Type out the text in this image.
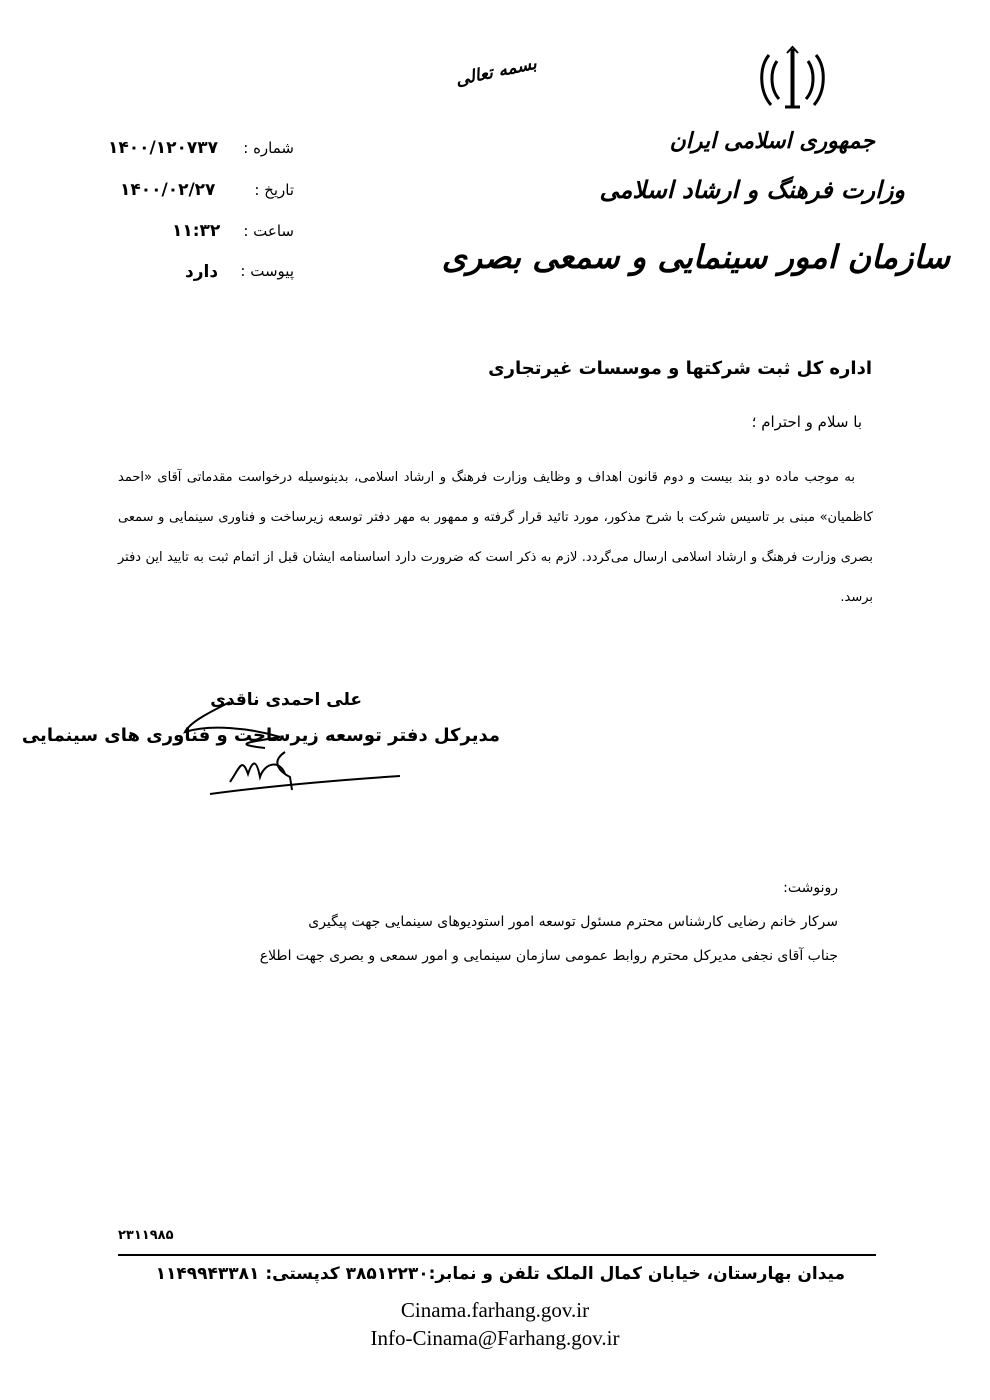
بسمه تعالی
جمهوری اسلامی ایران
وزارت فرهنگ و ارشاد اسلامی
سازمان امور سینمایی و سمعی بصری
شماره :
۱۴۰۰/۱۲۰۷۳۷
تاریخ :
۱۴۰۰/۰۲/۲۷
ساعت :
۱۱:۳۲
پیوست :
دارد
اداره کل ثبت شرکتها و موسسات غیرتجاری
با سلام و احترام ؛
به موجب ماده دو بند بیست و دوم قانون اهداف و وظایف وزارت فرهنگ و ارشاد اسلامی، بدینوسیله درخواست مقدماتی آقای «احمد کاظمیان» مبنی بر تاسیس شرکت با شرح مذکور، مورد تائید قرار گرفته و ممهور به مهر دفتر توسعه زیرساخت و فناوری سینمایی و سمعی بصری وزارت فرهنگ و ارشاد اسلامی ارسال می‌گردد. لازم به ذکر است که ضرورت دارد اساسنامه ایشان قبل از اتمام ثبت به تایید این دفتر برسد.
علی احمدی ناقدی
مدیرکل دفتر توسعه زیرساخت و فناوری های سینمایی
رونوشت:
سرکار خانم رضایی کارشناس محترم مسئول توسعه امور استودیوهای سینمایی جهت پیگیری
جناب آقای نجفی مدیرکل محترم روابط عمومی سازمان سینمایی و امور سمعی و بصری جهت اطلاع
۲۳۱۱۹۸۵
میدان بهارستان، خیابان کمال الملک تلفن و نمابر:۳۸۵۱۲۲۳۰ کدپستی: ۱۱۴۹۹۴۳۳۸۱
Cinama.farhang.gov.ir
Info-Cinama@Farhang.gov.ir
